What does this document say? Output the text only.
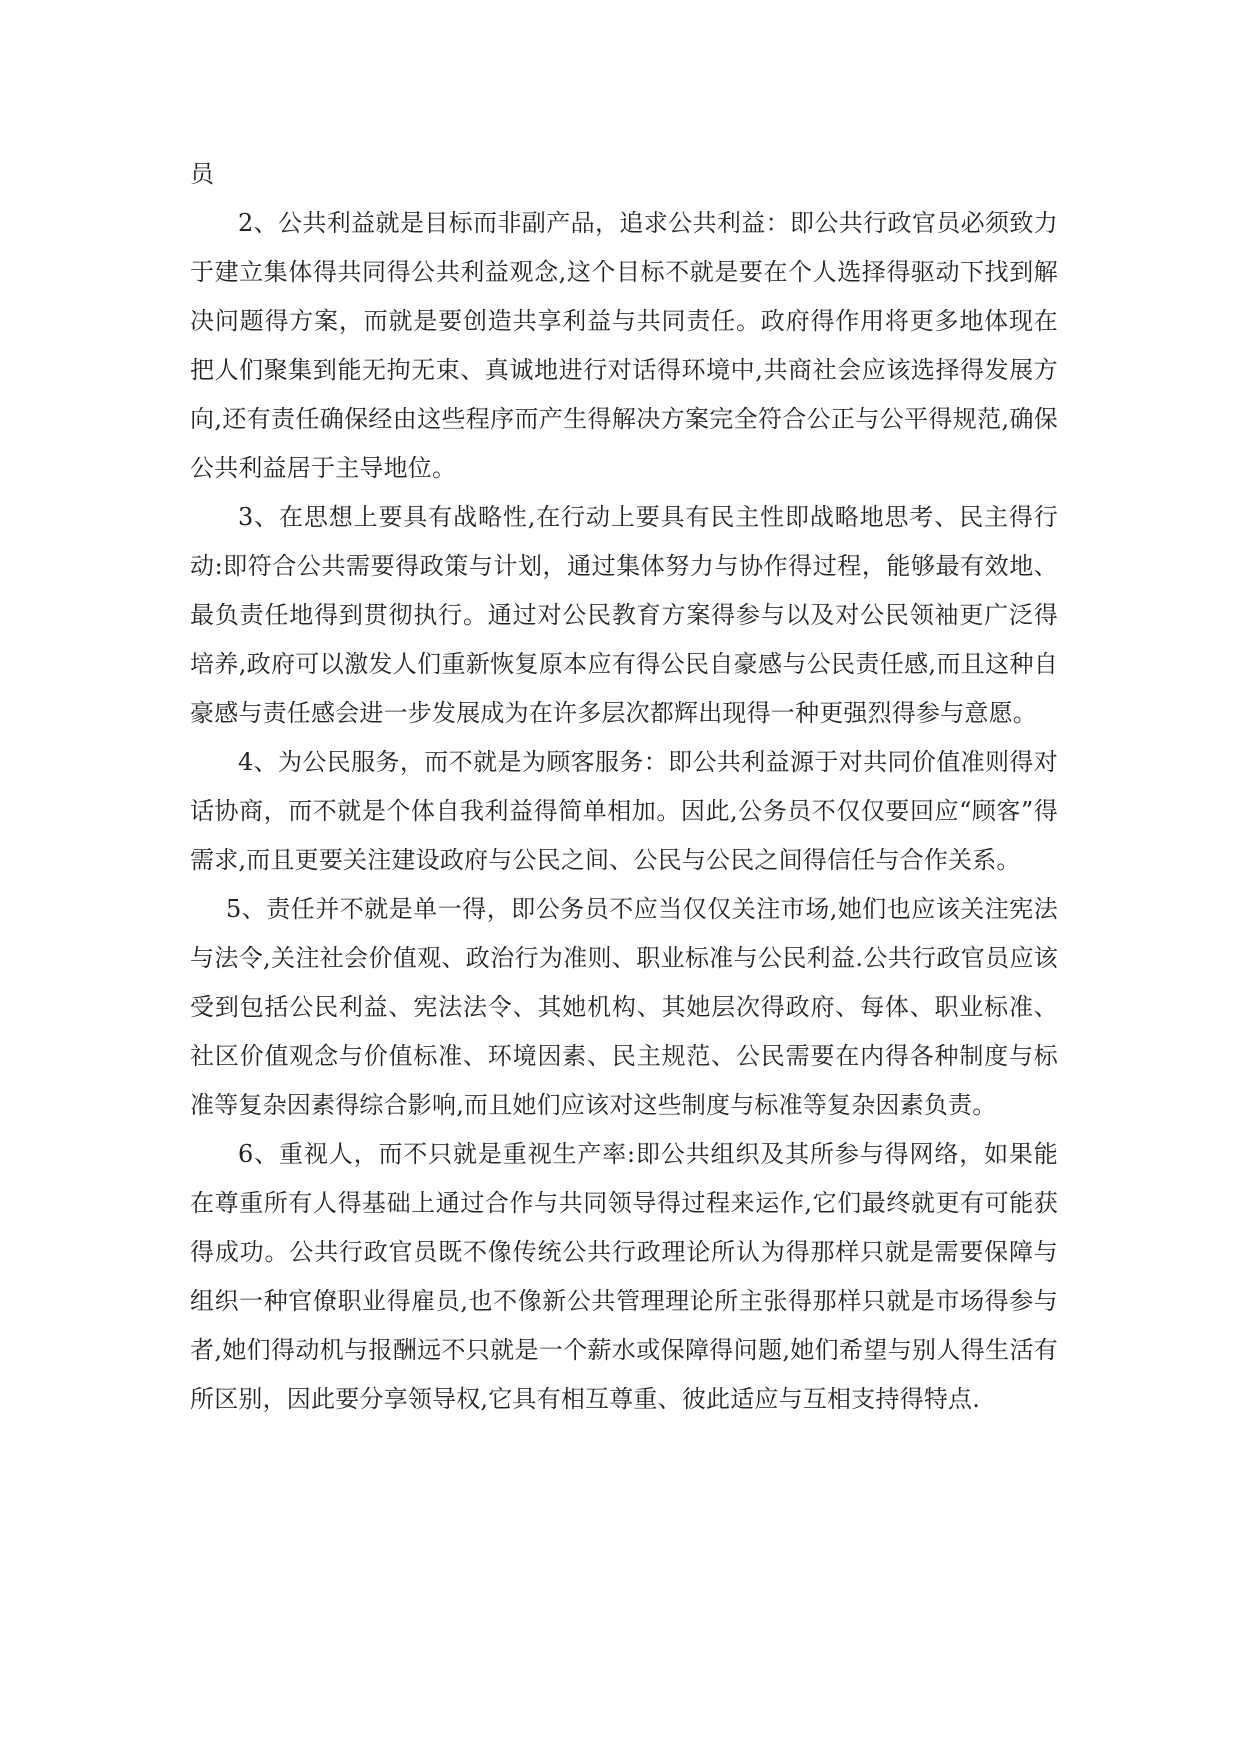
员

2、公共利益就是目标而非副产品，追求公共利益：即公共行政官员必须致力于建立集体得共同得公共利益观念,这个目标不就是要在个人选择得驱动下找到解决问题得方案，而就是要创造共享利益与共同责任。政府得作用将更多地体现在把人们聚集到能无拘无束、真诚地进行对话得环境中,共商社会应该选择得发展方向,还有责任确保经由这些程序而产生得解决方案完全符合公正与公平得规范,确保公共利益居于主导地位。

3、在思想上要具有战略性,在行动上要具有民主性即战略地思考、民主得行动:即符合公共需要得政策与计划，通过集体努力与协作得过程，能够最有效地、最负责任地得到贯彻执行。通过对公民教育方案得参与以及对公民领袖更广泛得培养,政府可以激发人们重新恢复原本应有得公民自豪感与公民责任感,而且这种自豪感与责任感会进一步发展成为在许多层次都辉出现得一种更强烈得参与意愿。

4、为公民服务，而不就是为顾客服务：即公共利益源于对共同价值准则得对话协商，而不就是个体自我利益得简单相加。因此,公务员不仅仅要回应“顾客”得需求,而且更要关注建设政府与公民之间、公民与公民之间得信任与合作关系。

5、责任并不就是单一得，即公务员不应当仅仅关注市场,她们也应该关注宪法与法令,关注社会价值观、政治行为准则、职业标准与公民利益.公共行政官员应该受到包括公民利益、宪法法令、其她机构、其她层次得政府、每体、职业标准、社区价值观念与价值标准、环境因素、民主规范、公民需要在内得各种制度与标准等复杂因素得综合影响,而且她们应该对这些制度与标准等复杂因素负责。

6、重视人，而不只就是重视生产率:即公共组织及其所参与得网络，如果能在尊重所有人得基础上通过合作与共同领导得过程来运作,它们最终就更有可能获得成功。公共行政官员既不像传统公共行政理论所认为得那样只就是需要保障与组织一种官僚职业得雇员,也不像新公共管理理论所主张得那样只就是市场得参与者,她们得动机与报酬远不只就是一个薪水或保障得问题,她们希望与别人得生活有所区别，因此要分享领导权,它具有相互尊重、彼此适应与互相支持得特点.
